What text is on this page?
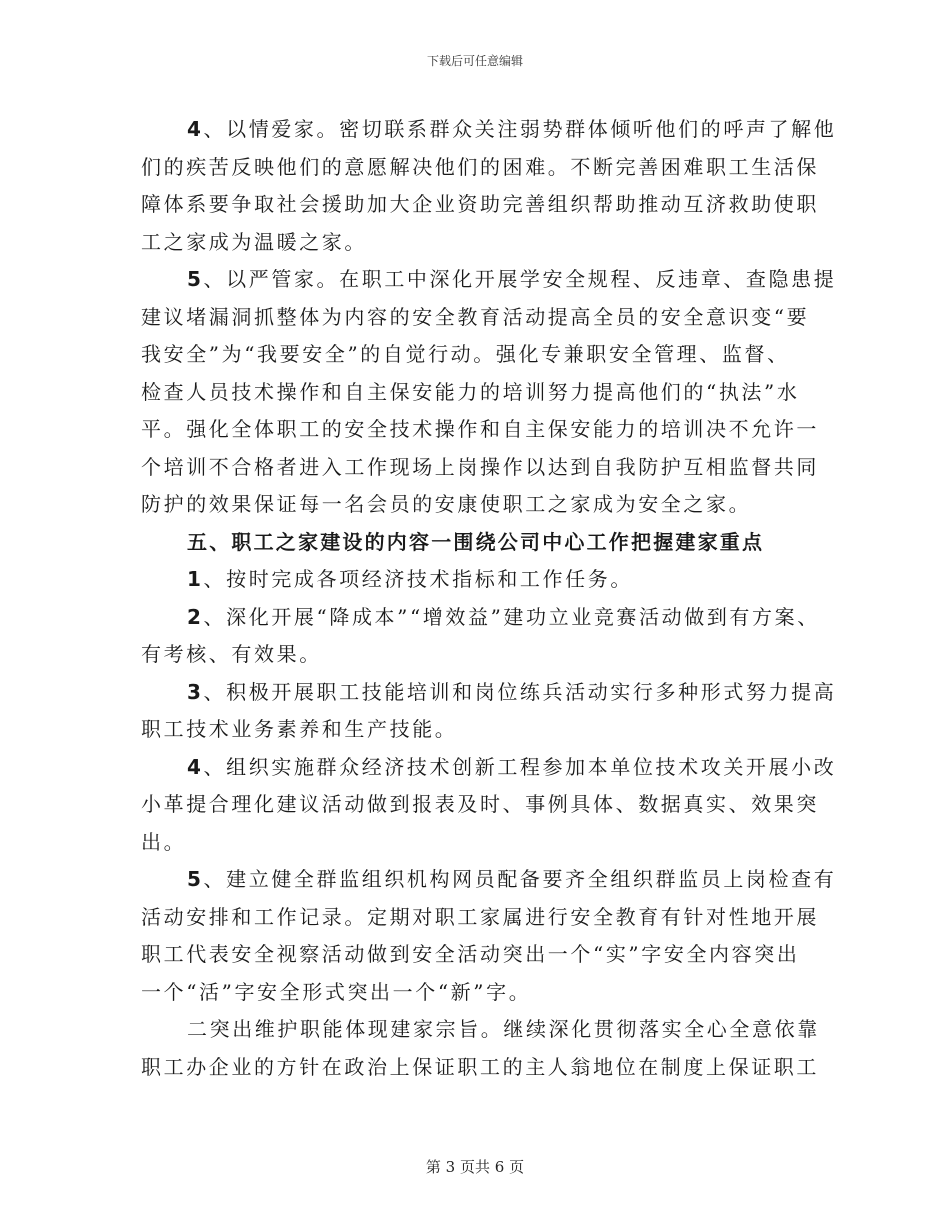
下载后可任意编辑
4、以情爱家。密切联系群众关注弱势群体倾听他们的呼声了解他
们的疾苦反映他们的意愿解决他们的困难。不断完善困难职工生活保
障体系要争取社会援助加大企业资助完善组织帮助推动互济救助使职
工之家成为温暖之家。
5、以严管家。在职工中深化开展学安全规程、反违章、查隐患提
建议堵漏洞抓整体为内容的安全教育活动提高全员的安全意识变“要
我安全”为“我要安全”的自觉行动。强化专兼职安全管理、监督、
检查人员技术操作和自主保安能力的培训努力提高他们的“执法”水
平。强化全体职工的安全技术操作和自主保安能力的培训决不允许一
个培训不合格者进入工作现场上岗操作以达到自我防护互相监督共同
防护的效果保证每一名会员的安康使职工之家成为安全之家。
五、职工之家建设的内容一围绕公司中心工作把握建家重点
1、按时完成各项经济技术指标和工作任务。
2、深化开展“降成本”“增效益”建功立业竞赛活动做到有方案、
有考核、有效果。
3、积极开展职工技能培训和岗位练兵活动实行多种形式努力提高
职工技术业务素养和生产技能。
4、组织实施群众经济技术创新工程参加本单位技术攻关开展小改
小革提合理化建议活动做到报表及时、事例具体、数据真实、效果突
出。
5、建立健全群监组织机构网员配备要齐全组织群监员上岗检查有
活动安排和工作记录。定期对职工家属进行安全教育有针对性地开展
职工代表安全视察活动做到安全活动突出一个“实”字安全内容突出
一个“活”字安全形式突出一个“新”字。
二突出维护职能体现建家宗旨。继续深化贯彻落实全心全意依靠
职工办企业的方针在政治上保证职工的主人翁地位在制度上保证职工
第 3 页共 6 页
